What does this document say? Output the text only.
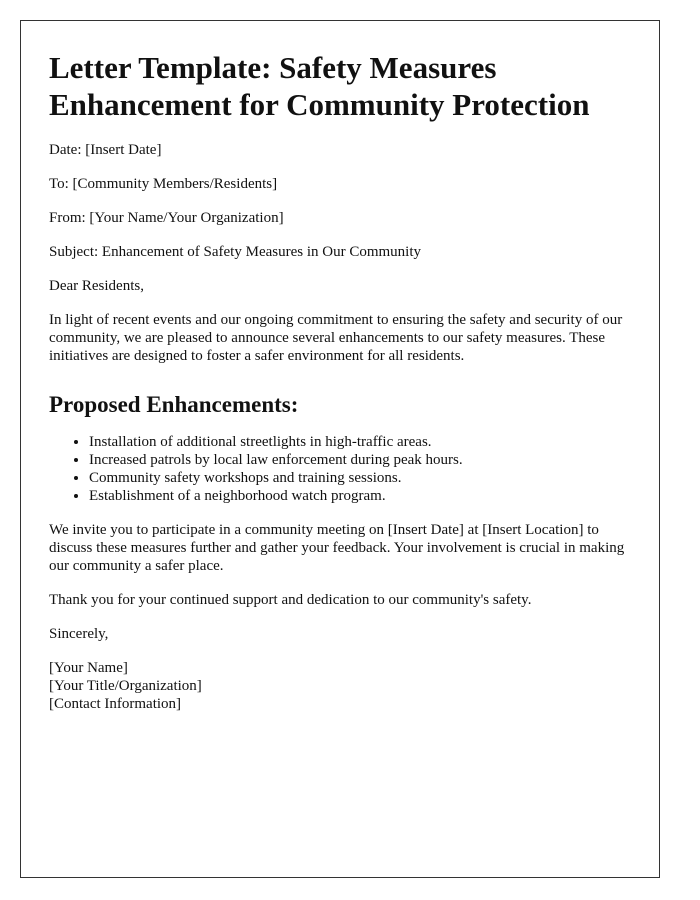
Letter Template: Safety Measures Enhancement for Community Protection

Date: [Insert Date]

To: [Community Members/Residents]

From: [Your Name/Your Organization]

Subject: Enhancement of Safety Measures in Our Community

Dear Residents,

In light of recent events and our ongoing commitment to ensuring the safety and security of our community, we are pleased to announce several enhancements to our safety measures. These initiatives are designed to foster a safer environment for all residents.

Proposed Enhancements:
• Installation of additional streetlights in high-traffic areas.
• Increased patrols by local law enforcement during peak hours.
• Community safety workshops and training sessions.
• Establishment of a neighborhood watch program.

We invite you to participate in a community meeting on [Insert Date] at [Insert Location] to discuss these measures further and gather your feedback. Your involvement is crucial in making our community a safer place.

Thank you for your continued support and dedication to our community's safety.

Sincerely,

[Your Name]

[Your Title/Organization]

[Contact Information]
